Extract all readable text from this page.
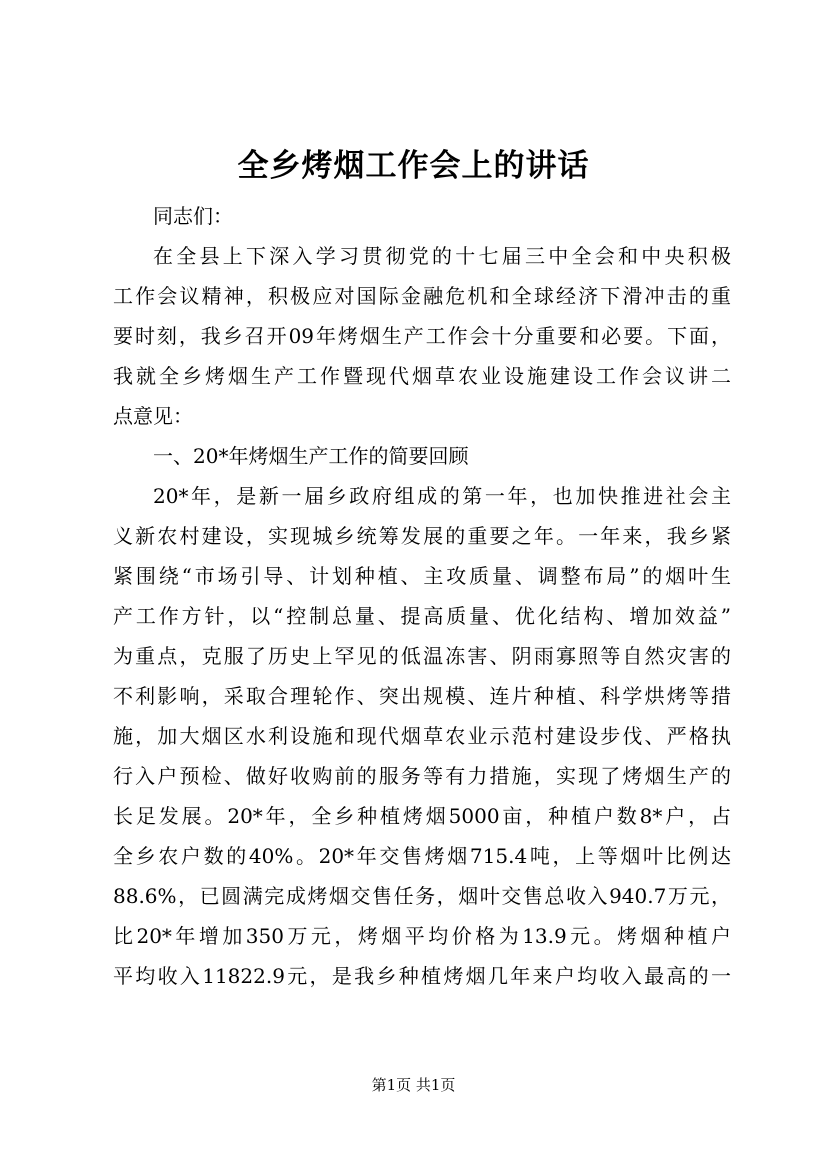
全乡烤烟工作会上的讲话
同志们：
在全县上下深入学习贯彻党的十七届三中全会和中央积极
工作会议精神，积极应对国际金融危机和全球经济下滑冲击的重
要时刻，我乡召开09年烤烟生产工作会十分重要和必要。下面，
我就全乡烤烟生产工作暨现代烟草农业设施建设工作会议讲二
点意见：
一、20*年烤烟生产工作的简要回顾
20*年，是新一届乡政府组成的第一年，也加快推进社会主
义新农村建设，实现城乡统筹发展的重要之年。一年来，我乡紧
紧围绕“市场引导、计划种植、主攻质量、调整布局”的烟叶生
产工作方针，以“控制总量、提高质量、优化结构、增加效益”
为重点，克服了历史上罕见的低温冻害、阴雨寡照等自然灾害的
不利影响，采取合理轮作、突出规模、连片种植、科学烘烤等措
施，加大烟区水利设施和现代烟草农业示范村建设步伐、严格执
行入户预检、做好收购前的服务等有力措施，实现了烤烟生产的
长足发展。20*年，全乡种植烤烟5000亩，种植户数8*户，占
全乡农户数的40%。20*年交售烤烟715.4吨，上等烟叶比例达
88.6%，已圆满完成烤烟交售任务，烟叶交售总收入940.7万元，
比20*年增加350万元，烤烟平均价格为13.9元。烤烟种植户
平均收入11822.9元，是我乡种植烤烟几年来户均收入最高的一
第1页 共1页
